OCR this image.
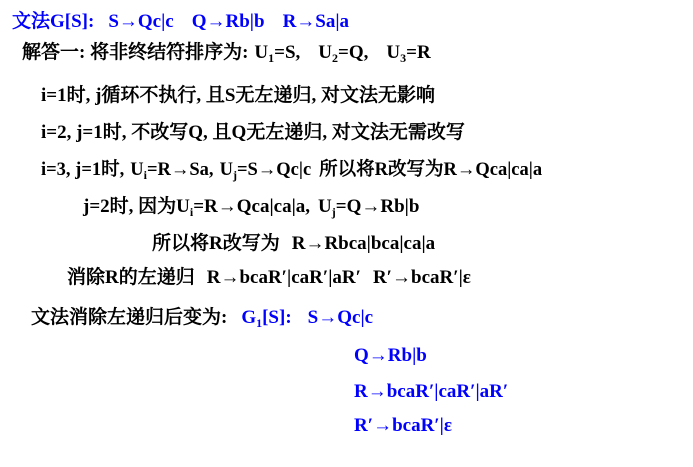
文法G[S]: S→Qc|c Q→Rb|b R→Sa|a
解答一: 将非终结符排序为: $U_1=S$, $U_2=Q$, $U_3=R$
i=1时, j循环不执行, 且S无左递归, 对文法无影响
i=2, j=1时, 不改写Q, 且Q无左递归, 对文法无需改写
i=3, j=1时, $U_i=R\to Sa$, $U_j=S\to Qc|c$ 所以将R改写为R→Qca|ca|a
j=2时, 因为$U_i=R\to Qca|ca|a$, $U_j=Q\to Rb|b$
所以将R改写为 R→Rbca|bca|ca|a
消除R的左递归 R→bcaR′|caR′|aR′ R′→bcaR′|ε
文法消除左递归后变为: $G_1[S]$: S→Qc|c
Q→Rb|b
R→bcaR′|caR′|aR′
R′→bcaR′|ε
